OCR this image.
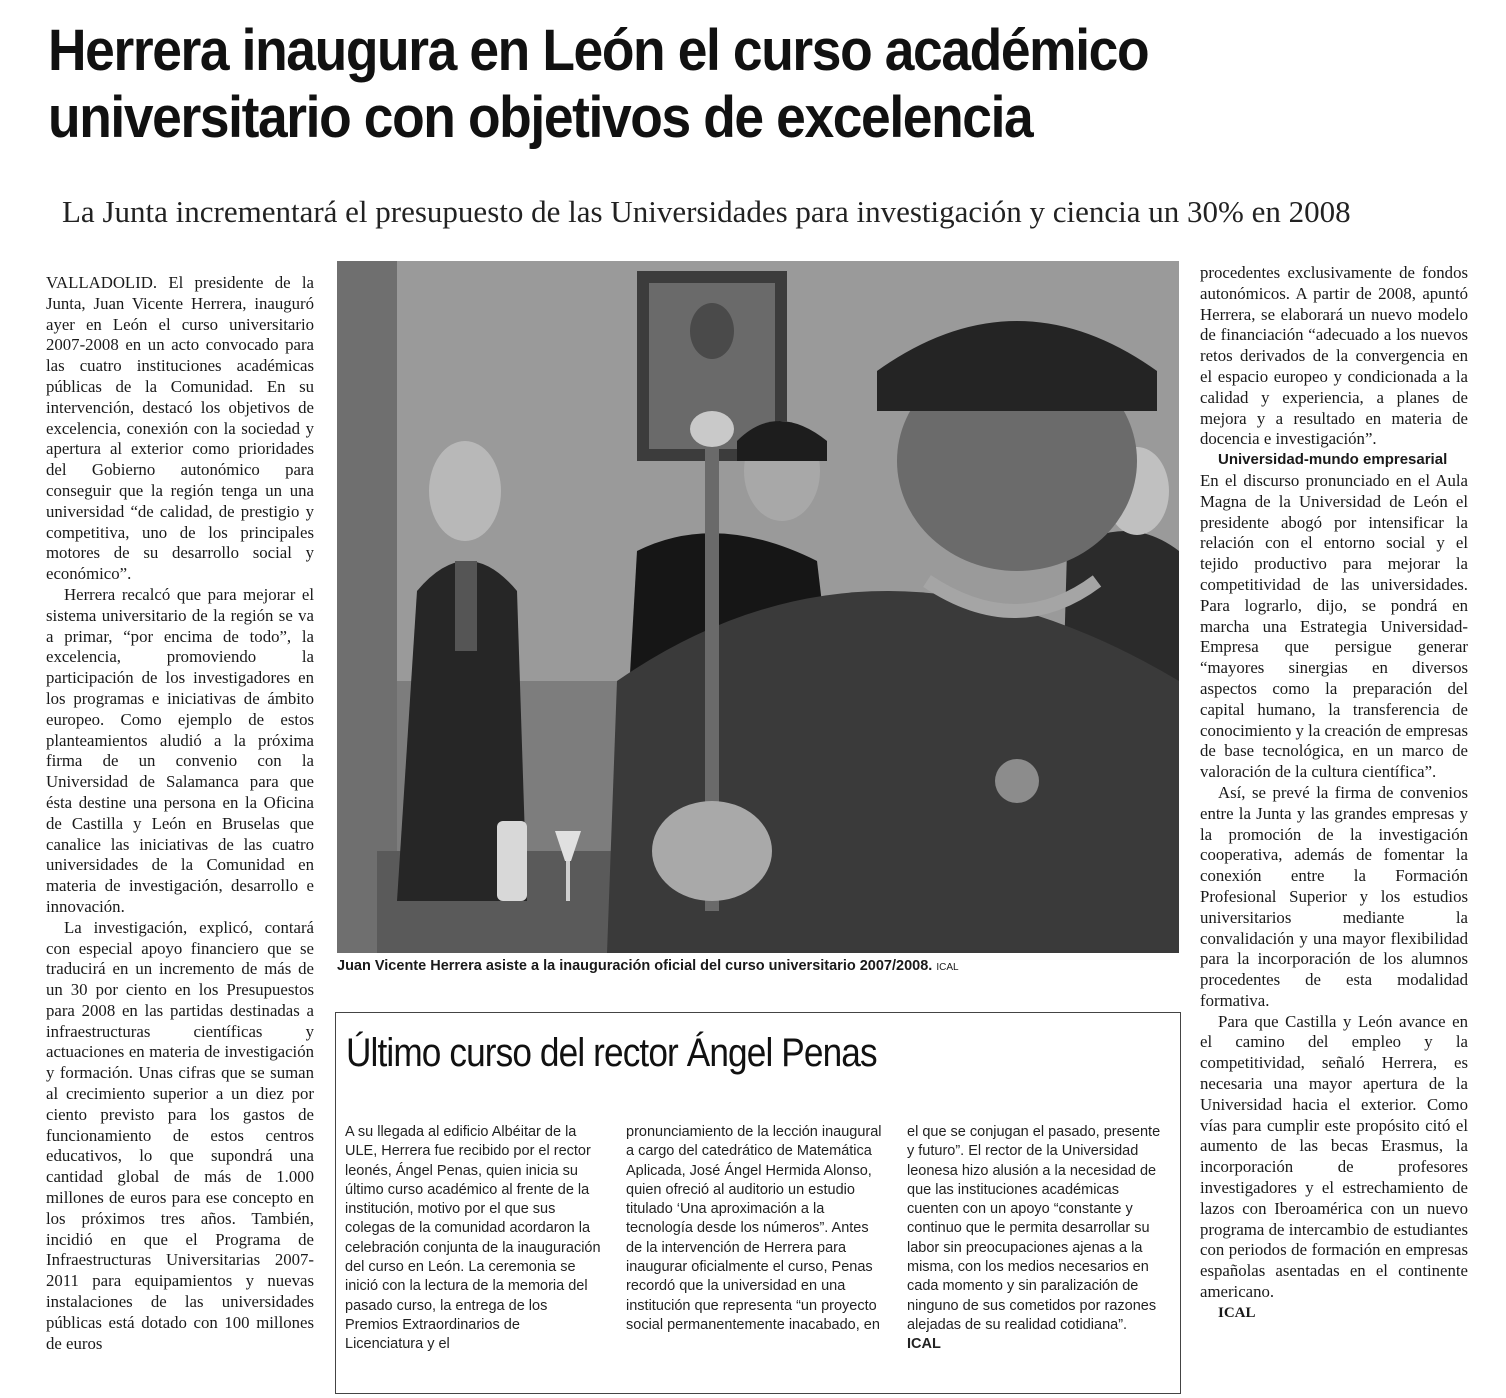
Herrera inaugura en León el curso académico universitario con objetivos de excelencia

La Junta incrementará el presupuesto de las Universidades para investigación y ciencia un 30% en 2008

VALLADOLID. El presidente de la Junta, Juan Vicente Herrera, inauguró ayer en León el curso universitario 2007-2008 en un acto convocado para las cuatro instituciones académicas públicas de la Comunidad. En su intervención, destacó los objetivos de excelencia, conexión con la sociedad y apertura al exterior como prioridades del Gobierno autonómico para conseguir que la región tenga un una universidad “de calidad, de prestigio y competitiva, uno de los principales motores de su desarrollo social y económico”.

Herrera recalcó que para mejorar el sistema universitario de la región se va a primar, “por encima de todo”, la excelencia, promoviendo la participación de los investigadores en los programas e iniciativas de ámbito europeo. Como ejemplo de estos planteamientos aludió a la próxima firma de un convenio con la Universidad de Salamanca para que ésta destine una persona en la Oficina de Castilla y León en Bruselas que canalice las iniciativas de las cuatro universidades de la Comunidad en materia de investigación, desarrollo e innovación.

La investigación, explicó, contará con especial apoyo financiero que se traducirá en un incremento de más de un 30 por ciento en los Presupuestos para 2008 en las partidas destinadas a infraestructuras científicas y actuaciones en materia de investigación y formación. Unas cifras que se suman al crecimiento superior a un diez por ciento previsto para los gastos de funcionamiento de estos centros educativos, lo que supondrá una cantidad global de más de 1.000 millones de euros para ese concepto en los próximos tres años. También, incidió en que el Programa de Infraestructuras Universitarias 2007-2011 para equipamientos y nuevas instalaciones de las universidades públicas está dotado con 100 millones de euros

Juan Vicente Herrera asiste a la inauguración oficial del curso universitario 2007/2008. ICAL

Último curso del rector Ángel Penas

A su llegada al edificio Albéitar de la ULE, Herrera fue recibido por el rector leonés, Ángel Penas, quien inicia su último curso académico al frente de la institución, motivo por el que sus colegas de la comunidad acordaron la celebración conjunta de la inauguración del curso en León. La ceremonia se inició con la lectura de la memoria del pasado curso, la entrega de los Premios Extraordinarios de Licenciatura y el

pronunciamiento de la lección inaugural a cargo del catedrático de Matemática Aplicada, José Ángel Hermida Alonso, quien ofreció al auditorio un estudio titulado ‘Una aproximación a la tecnología desde los números”. Antes de la intervención de Herrera para inaugurar oficialmente el curso, Penas recordó que la universidad en una institución que representa “un proyecto social permanentemente inacabado, en

el que se conjugan el pasado, presente y futuro”. El rector de la Universidad leonesa hizo alusión a la necesidad de que las instituciones académicas cuenten con un apoyo “constante y continuo que le permita desarrollar su labor sin preocupaciones ajenas a la misma, con los medios necesarios en cada momento y sin paralización de ninguno de sus cometidos por razones alejadas de su realidad cotidiana”. ICAL

procedentes exclusivamente de fondos autonómicos. A partir de 2008, apuntó Herrera, se elaborará un nuevo modelo de financiación “adecuado a los nuevos retos derivados de la convergencia en el espacio europeo y condicionada a la calidad y experiencia, a planes de mejora y a resultado en materia de docencia e investigación”.

Universidad-mundo empresarial

En el discurso pronunciado en el Aula Magna de la Universidad de León el presidente abogó por intensificar la relación con el entorno social y el tejido productivo para mejorar la competitividad de las universidades. Para lograrlo, dijo, se pondrá en marcha una Estrategia Universidad-Empresa que persigue generar “mayores sinergias en diversos aspectos como la preparación del capital humano, la transferencia de conocimiento y la creación de empresas de base tecnológica, en un marco de valoración de la cultura científica”.

Así, se prevé la firma de convenios entre la Junta y las grandes empresas y la promoción de la investigación cooperativa, además de fomentar la conexión entre la Formación Profesional Superior y los estudios universitarios mediante la convalidación y una mayor flexibilidad para la incorporación de los alumnos procedentes de esta modalidad formativa.

Para que Castilla y León avance en el camino del empleo y la competitividad, señaló Herrera, es necesaria una mayor apertura de la Universidad hacia el exterior. Como vías para cumplir este propósito citó el aumento de las becas Erasmus, la incorporación de profesores investigadores y el estrechamiento de lazos con Iberoamérica con un nuevo programa de intercambio de estudiantes con periodos de formación en empresas españolas asentadas en el continente americano.

ICAL
